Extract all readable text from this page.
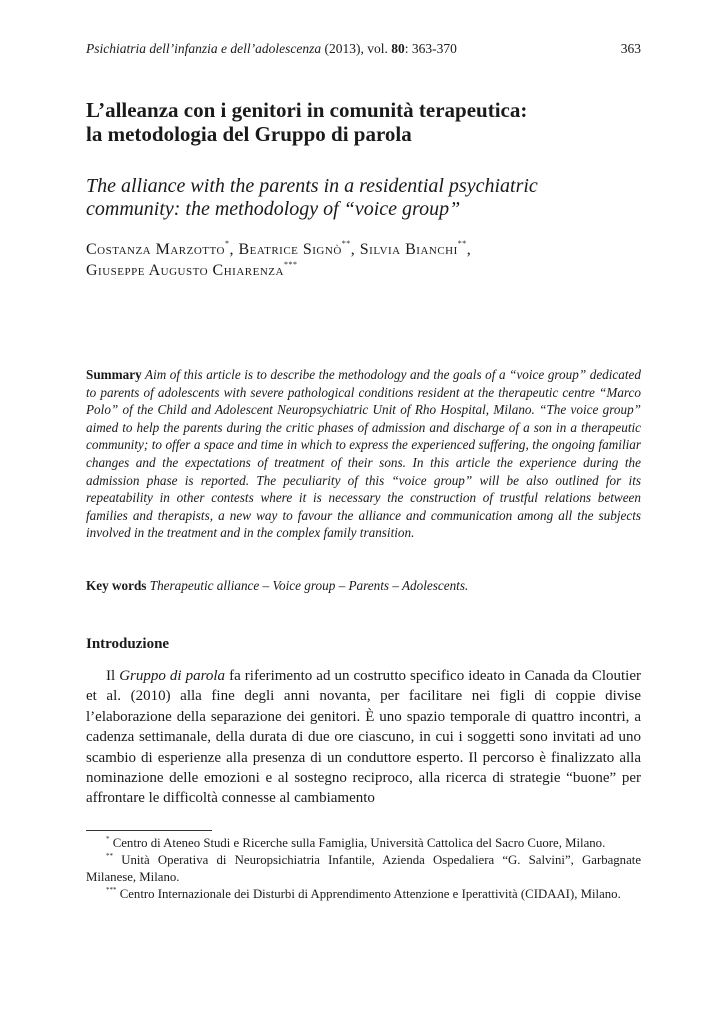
Psichiatria dell’infanzia e dell’adolescenza (2013), vol. 80: 363-370	363
L’alleanza con i genitori in comunità terapeutica:
la metodologia del Gruppo di parola
The alliance with the parents in a residential psychiatric
community: the methodology of “voice group”
Costanza Marzotto*, Beatrice Signò**, Silvia Bianchi**,
Giuseppe Augusto Chiarenza***
Summary Aim of this article is to describe the methodology and the goals of a “voice group” dedicated to parents of adolescents with severe pathological conditions resident at the therapeutic centre “Marco Polo” of the Child and Adolescent Neuropsychiatric Unit of Rho Hospital, Milano. “The voice group” aimed to help the parents during the critic phases of admission and discharge of a son in a therapeutic community; to offer a space and time in which to express the experienced suffering, the ongoing familiar changes and the expectations of treatment of their sons. In this article the experience during the admission phase is reported. The peculiarity of this “voice group” will be also outlined for its repeatability in other contests where it is necessary the construction of trustful relations between families and therapists, a new way to favour the alliance and communication among all the subjects involved in the treatment and in the complex family transition.
Key words Therapeutic alliance – Voice group – Parents – Adolescents.
Introduzione
Il Gruppo di parola fa riferimento ad un costrutto specifico ideato in Canada da Cloutier et al. (2010) alla fine degli anni novanta, per facilitare nei figli di coppie divise l’elaborazione della separazione dei genitori. È uno spazio temporale di quattro incontri, a cadenza settimanale, della durata di due ore ciascuno, in cui i soggetti sono invitati ad uno scambio di esperienze alla presenza di un conduttore esperto. Il percorso è finalizzato alla nominazione delle emozioni e al sostegno reciproco, alla ricerca di strategie “buone” per affrontare le difficoltà connesse al cambiamento
* Centro di Ateneo Studi e Ricerche sulla Famiglia, Università Cattolica del Sacro Cuore, Milano.
** Unità Operativa di Neuropsichiatria Infantile, Azienda Ospedaliera “G. Salvini”, Garbagnate Milanese, Milano.
*** Centro Internazionale dei Disturbi di Apprendimento Attenzione e Iperattività (CIDAAI), Milano.
